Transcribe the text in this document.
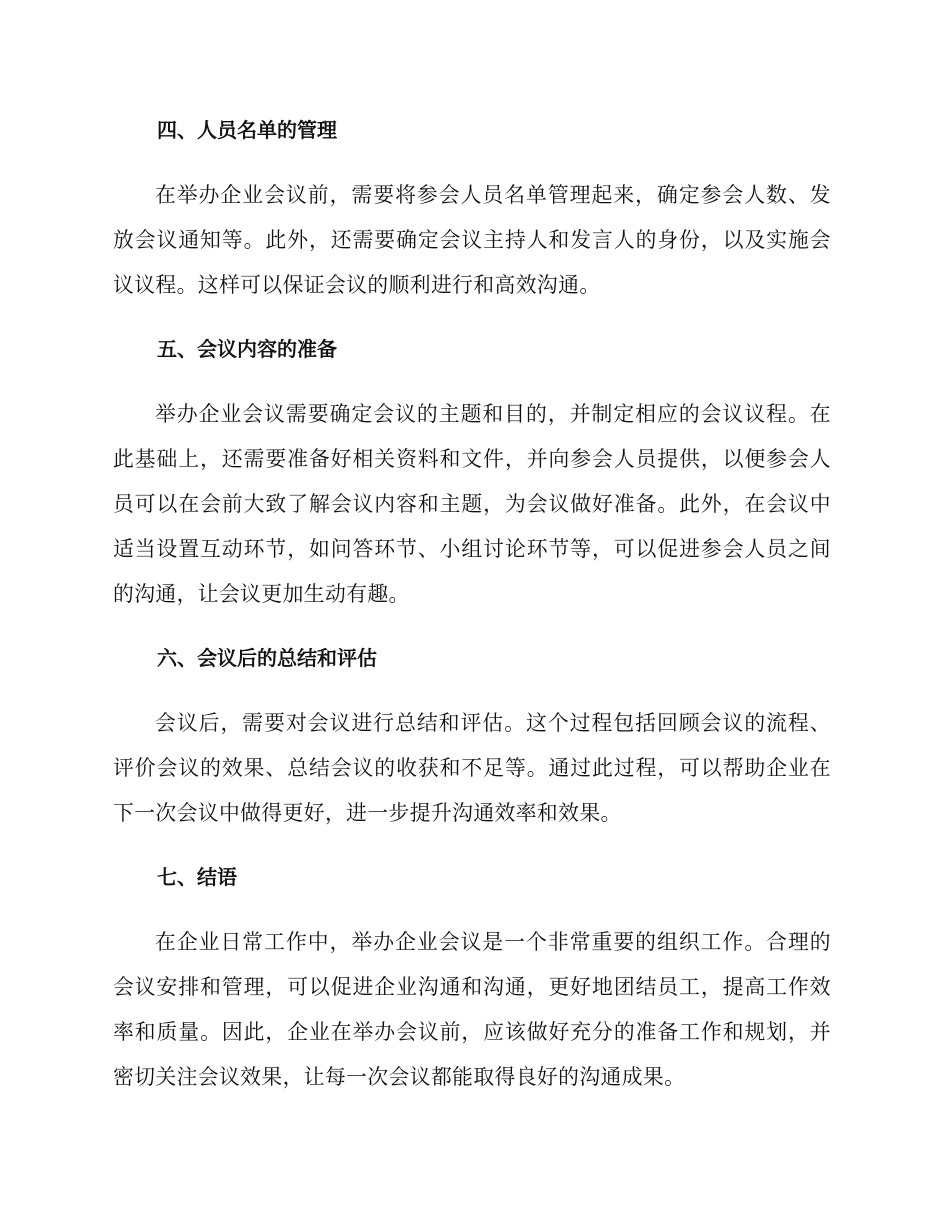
四、人员名单的管理

在举办企业会议前，需要将参会人员名单管理起来，确定参会人数、发放会议通知等。此外，还需要确定会议主持人和发言人的身份，以及实施会议议程。这样可以保证会议的顺利进行和高效沟通。

五、会议内容的准备

举办企业会议需要确定会议的主题和目的，并制定相应的会议议程。在此基础上，还需要准备好相关资料和文件，并向参会人员提供，以便参会人员可以在会前大致了解会议内容和主题，为会议做好准备。此外，在会议中适当设置互动环节，如问答环节、小组讨论环节等，可以促进参会人员之间的沟通，让会议更加生动有趣。

六、会议后的总结和评估

会议后，需要对会议进行总结和评估。这个过程包括回顾会议的流程、评价会议的效果、总结会议的收获和不足等。通过此过程，可以帮助企业在下一次会议中做得更好，进一步提升沟通效率和效果。

七、结语

在企业日常工作中，举办企业会议是一个非常重要的组织工作。合理的会议安排和管理，可以促进企业沟通和沟通，更好地团结员工，提高工作效率和质量。因此，企业在举办会议前，应该做好充分的准备工作和规划，并密切关注会议效果，让每一次会议都能取得良好的沟通成果。
